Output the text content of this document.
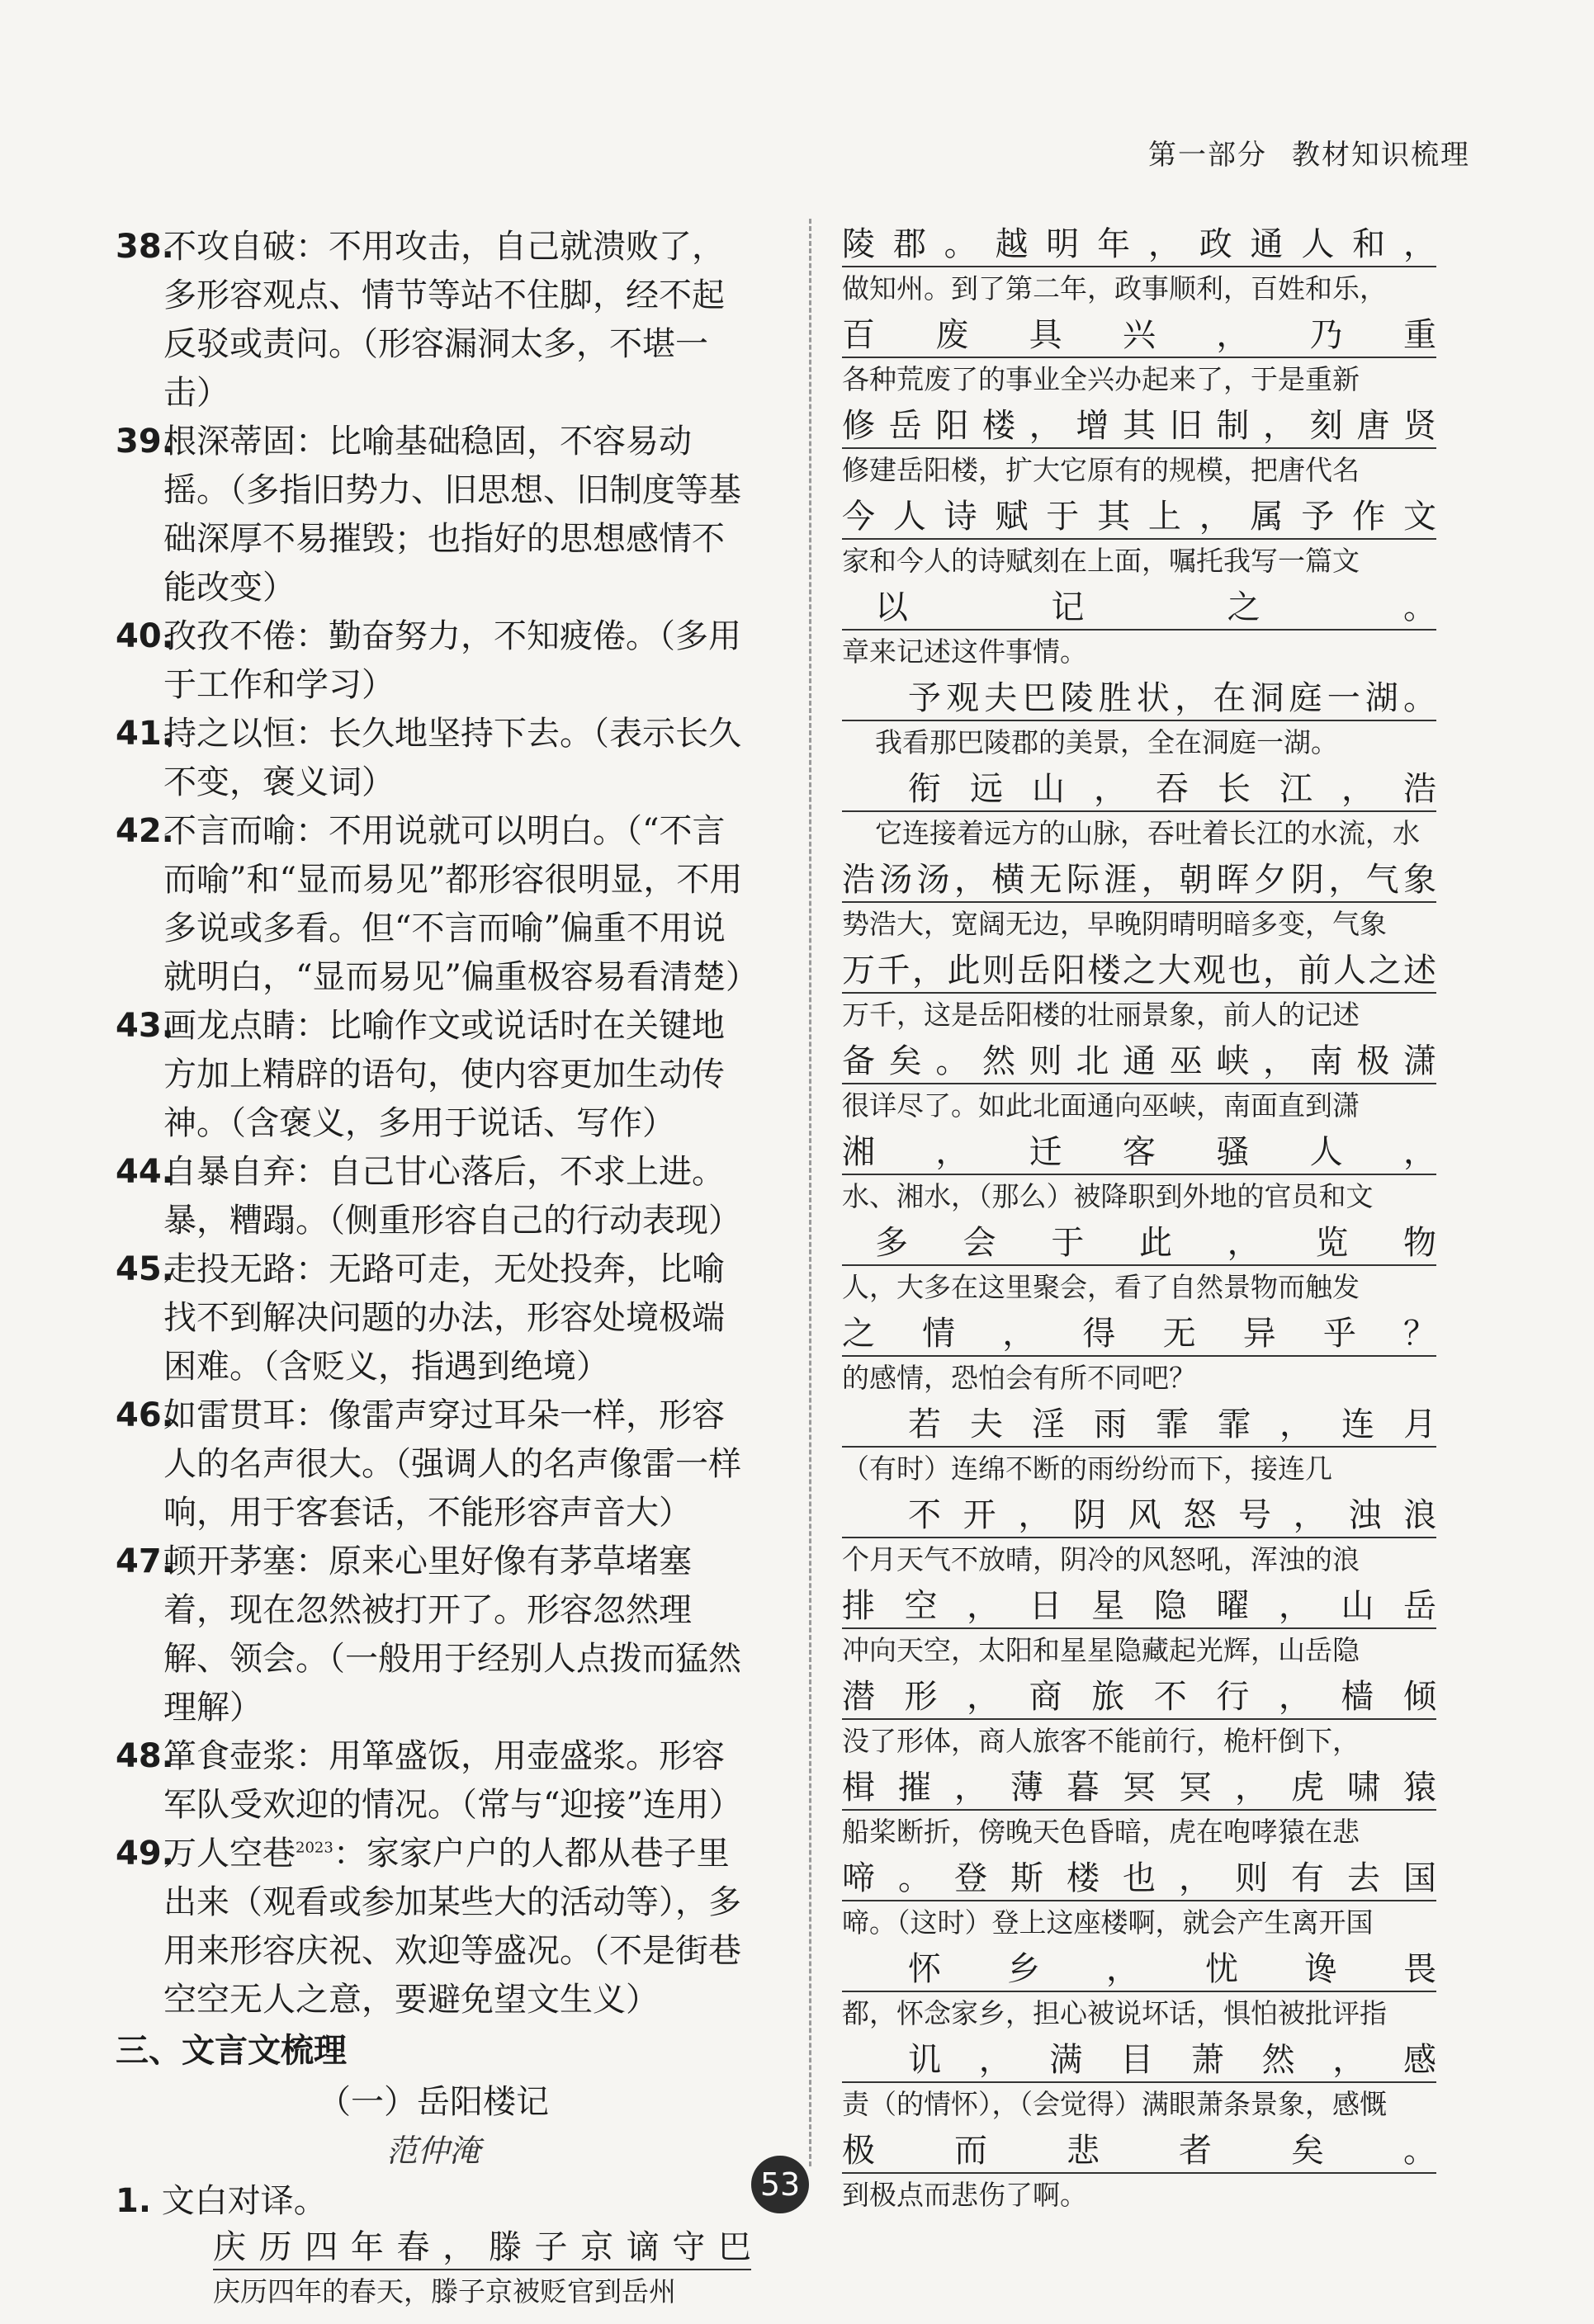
第一部分 教材知识梳理

38.不攻自破：不用攻击，自己就溃败了，多形容观点、情节等站不住脚，经不起反驳或责问。（形容漏洞太多，不堪一击）

39.根深蒂固：比喻基础稳固，不容易动摇。（多指旧势力、旧思想、旧制度等基础深厚不易摧毁；也指好的思想感情不能改变）

40.孜孜不倦：勤奋努力，不知疲倦。（多用于工作和学习）

41.持之以恒：长久地坚持下去。（表示长久不变，褒义词）

42.不言而喻：不用说就可以明白。（“不言而喻”和“显而易见”都形容很明显，不用多说或多看。但“不言而喻”偏重不用说就明白，“显而易见”偏重极容易看清楚）

43.画龙点睛：比喻作文或说话时在关键地方加上精辟的语句，使内容更加生动传神。（含褒义，多用于说话、写作）

44.自暴自弃：自己甘心落后，不求上进。暴，糟蹋。（侧重形容自己的行动表现）

45.走投无路：无路可走，无处投奔，比喻找不到解决问题的办法，形容处境极端困难。（含贬义，指遇到绝境）

46.如雷贯耳：像雷声穿过耳朵一样，形容人的名声很大。（强调人的名声像雷一样响，用于客套话，不能形容声音大）

47.顿开茅塞：原来心里好像有茅草堵塞着，现在忽然被打开了。形容忽然理解、领会。（一般用于经别人点拨而猛然理解）

48.箪食壶浆：用箪盛饭，用壶盛浆。形容军队受欢迎的情况。（常与“迎接”连用）

49.万人空巷$^{2023}$：家家户户的人都从巷子里出来（观看或参加某些大的活动等），多用来形容庆祝、欢迎等盛况。（不是街巷空空无人之意，要避免望文生义）

三、文言文梳理
（一）岳阳楼记
范仲淹
1. 文白对译。
庆历四年春，滕子京谪守巴
庆历四年的春天，滕子京被贬官到岳州
陵郡。越明年，政通人和，
做知州。到了第二年，政事顺利，百姓和乐，
百废具兴，乃重
各种荒废了的事业全兴办起来了，于是重新
修岳阳楼，增其旧制，刻唐贤
修建岳阳楼，扩大它原有的规模，把唐代名
今人诗赋于其上，属予作文
家和今人的诗赋刻在上面，嘱托我写一篇文
以记之。
章来记述这件事情。
予观夫巴陵胜状，在洞庭一湖。
我看那巴陵郡的美景，全在洞庭一湖。
衔远山，吞长江，浩
它连接着远方的山脉，吞吐着长江的水流，水
浩汤汤，横无际涯，朝晖夕阴，气象
势浩大，宽阔无边，早晚阴晴明暗多变，气象
万千，此则岳阳楼之大观也，前人之述
万千，这是岳阳楼的壮丽景象，前人的记述
备矣。然则北通巫峡，南极潇
很详尽了。如此北面通向巫峡，南面直到潇
湘，迁客骚人，
水、湘水，（那么）被降职到外地的官员和文
多会于此，览物
人，大多在这里聚会，看了自然景物而触发
之情，得无异乎？
的感情，恐怕会有所不同吧？
若夫淫雨霏霏，连月
（有时）连绵不断的雨纷纷而下，接连几
不开，阴风怒号，浊浪
个月天气不放晴，阴冷的风怒吼，浑浊的浪
排空，日星隐曜，山岳
冲向天空，太阳和星星隐藏起光辉，山岳隐
潜形，商旅不行，樯倾
没了形体，商人旅客不能前行，桅杆倒下，
楫摧，薄暮冥冥，虎啸猿
船桨断折，傍晚天色昏暗，虎在咆哮猿在悲
啼。登斯楼也，则有去国
啼。（这时）登上这座楼啊，就会产生离开国
怀乡，忧谗畏
都，怀念家乡，担心被说坏话，惧怕被批评指
讥，满目萧然，感
责（的情怀），（会觉得）满眼萧条景象，感慨
极而悲者矣。
到极点而悲伤了啊。
53
